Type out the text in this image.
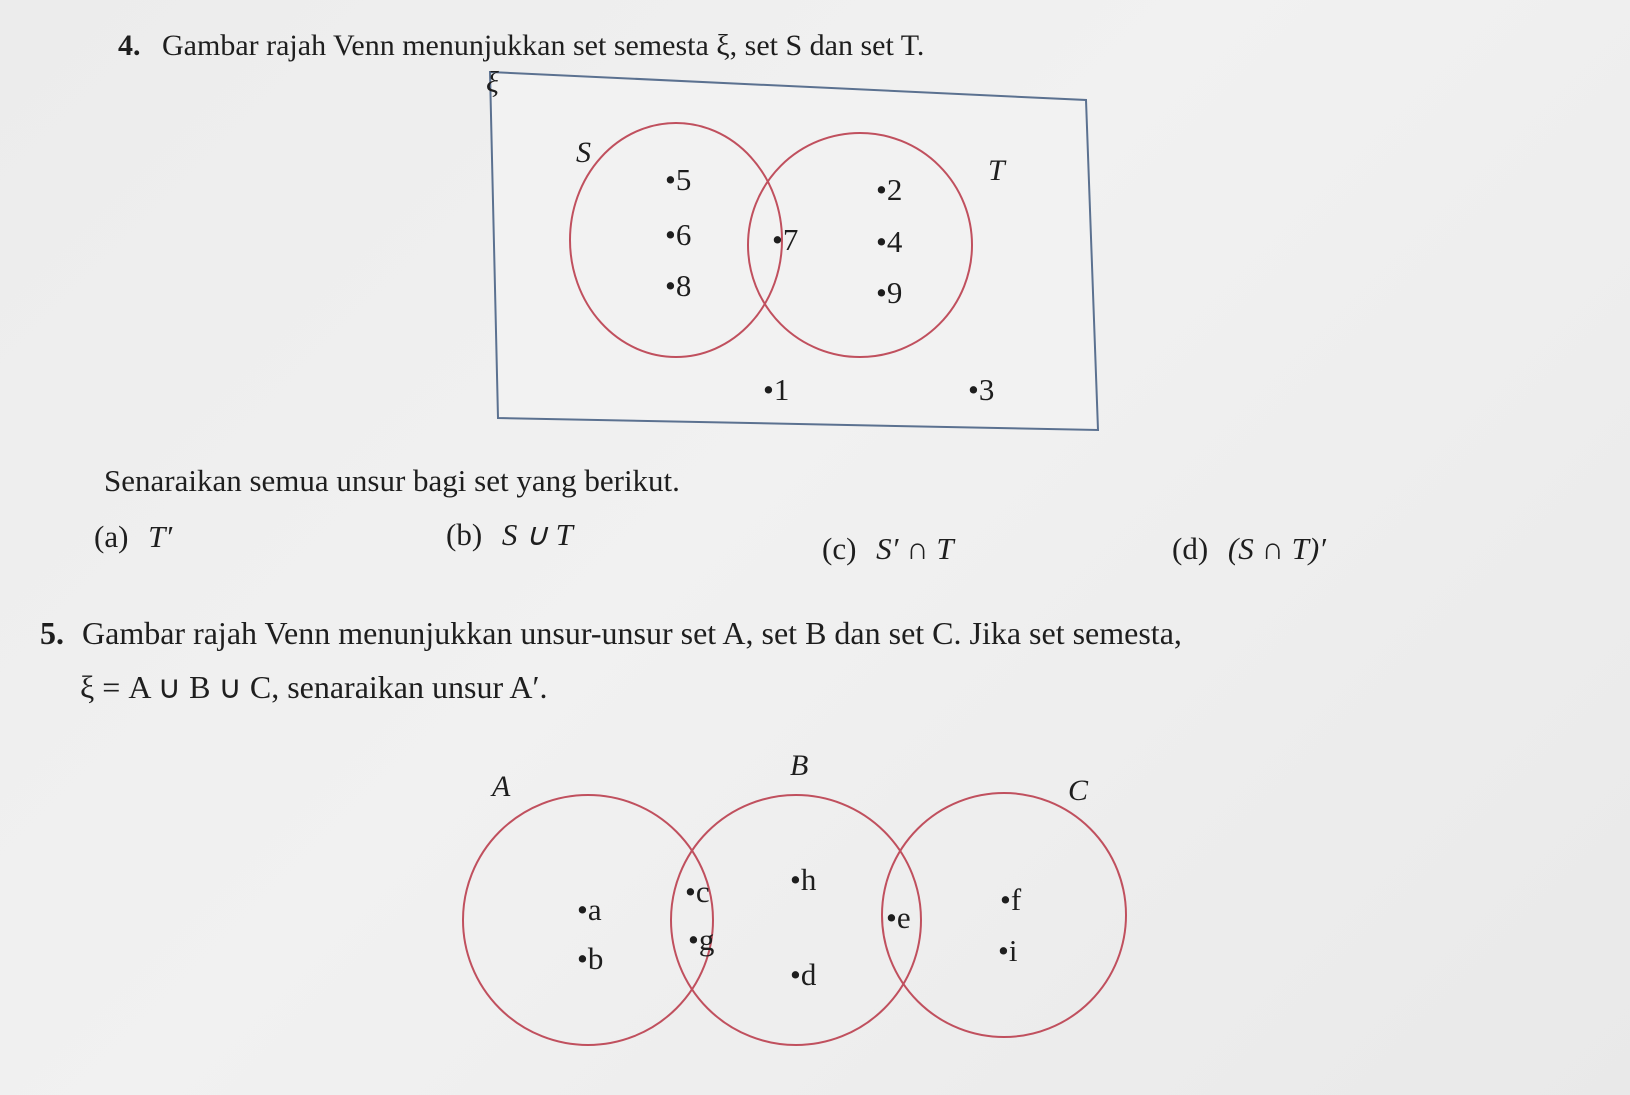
4. Gambar rajah Venn menunjukkan set semesta ξ, set S dan set T.
ξ
S
T
•5
•6
•8
•7
•2
•4
•9
•1	•3
A
B
C
•a
•b
•c
•g
•h
•d
•e
•f
•i
Senaraikan semua unsur bagi set yang berikut.
(a) T′	(b) S ∪ T	(c) S′ ∩ T	(d) (S ∩ T)′
5. Gambar rajah Venn menunjukkan unsur-unsur set A, set B dan set C. Jika set semesta,
ξ = A ∪ B ∪ C, senaraikan unsur A′.
